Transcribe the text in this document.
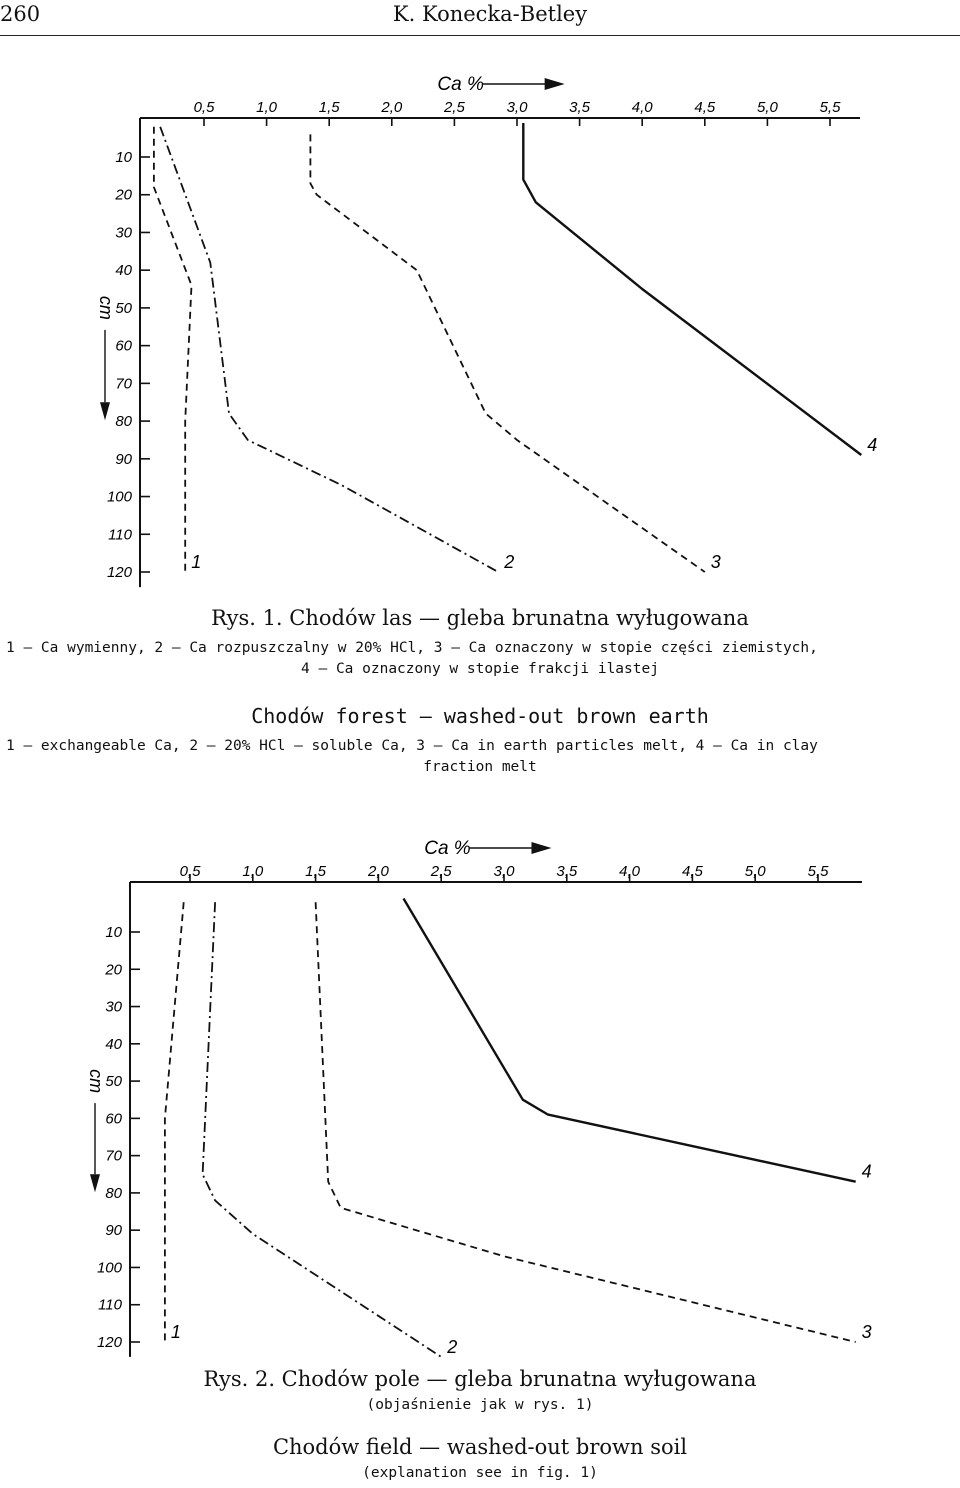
260	K. Konecka-Betley
0,5	1,0	1,5	2,0	2,5	3,0	3,5	4,0	4,5	5,0	5,5
10
20
30
40
50
60
70
80
90
100
110
120
Ca %
cm
1	2	3
4
Rys. 1. Chodów las — gleba brunatna wyługowana
1 — Ca wymienny, 2 — Ca rozpuszczalny w 20% HCl, 3 — Ca oznaczony w stopie części ziemistych,
4 — Ca oznaczony w stopie frakcji ilastej
Chodów forest — washed-out brown earth
1 — exchangeable Ca, 2 — 20% HCl — soluble Ca, 3 — Ca in earth particles melt, 4 — Ca in clay
fraction melt
0,5	1,0	1,5	2,0	2,5	3,0	3,5	4,0	4,5	5,0	5,5
10
20
30
40
50
60
70
80
90
100
110
120
Ca %
cm
1
2
3
4
Rys. 2. Chodów pole — gleba brunatna wyługowana
(objaśnienie jak w rys. 1)
Chodów field — washed-out brown soil
(explanation see in fig. 1)
